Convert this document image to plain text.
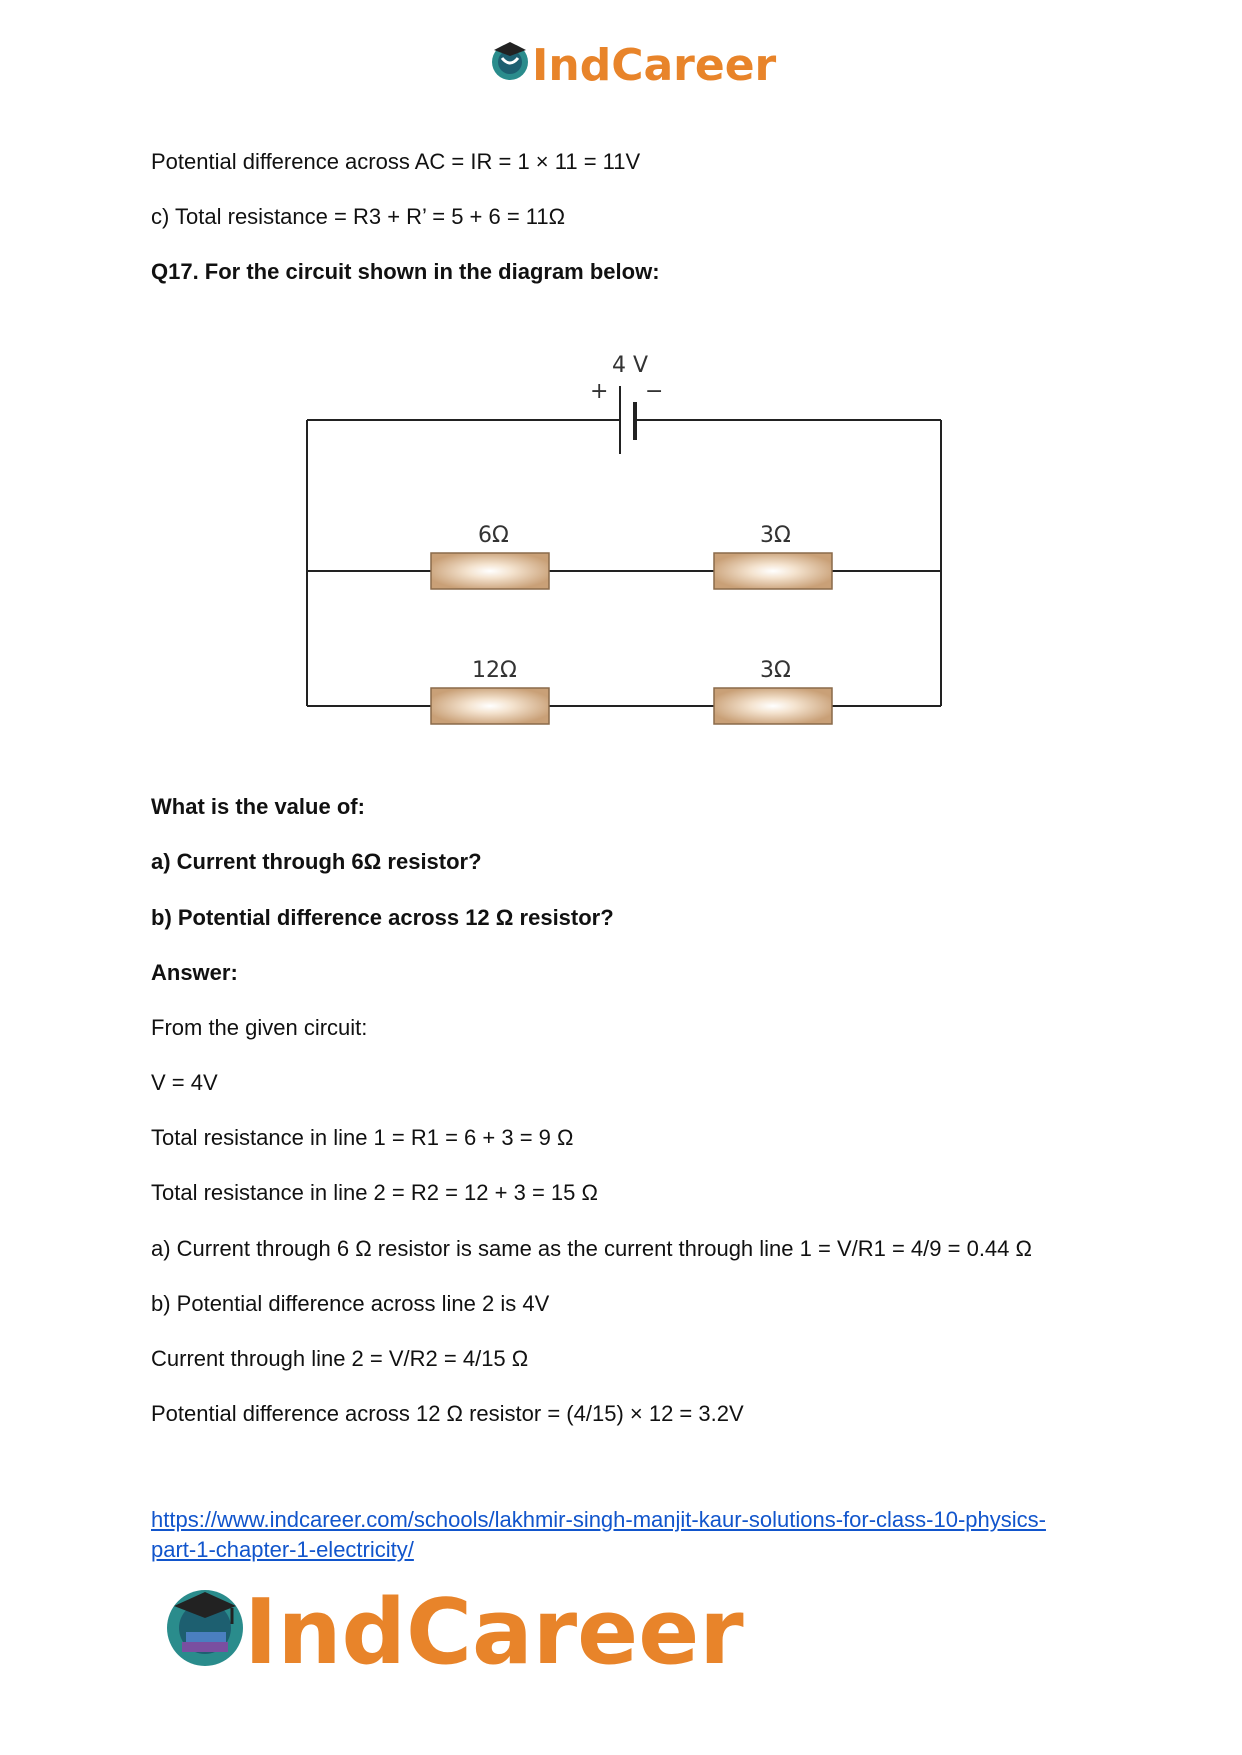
IndCareer

Potential difference across AC = IR = 1 × 11 = 11V

c) Total resistance = R3 + R’ = 5 + 6 = 11Ω

Q17. For the circuit shown in the diagram below:

4 V
+ −
6Ω	3Ω
12Ω	3Ω

What is the value of:

a) Current through 6Ω resistor?

b) Potential difference across 12 Ω resistor?

Answer:

From the given circuit:

V = 4V

Total resistance in line 1 = R1 = 6 + 3 = 9 Ω

Total resistance in line 2 = R2 = 12 + 3 = 15 Ω

a) Current through 6 Ω resistor is same as the current through line 1 = V/R1 = 4/9 = 0.44 Ω

b) Potential difference across line 2 is 4V

Current through line 2 = V/R2 = 4/15 Ω

Potential difference across 12 Ω resistor = (4/15) × 12 = 3.2V

https://www.indcareer.com/schools/lakhmir-singh-manjit-kaur-solutions-for-class-10-physics-
part-1-chapter-1-electricity/
IndCareer
